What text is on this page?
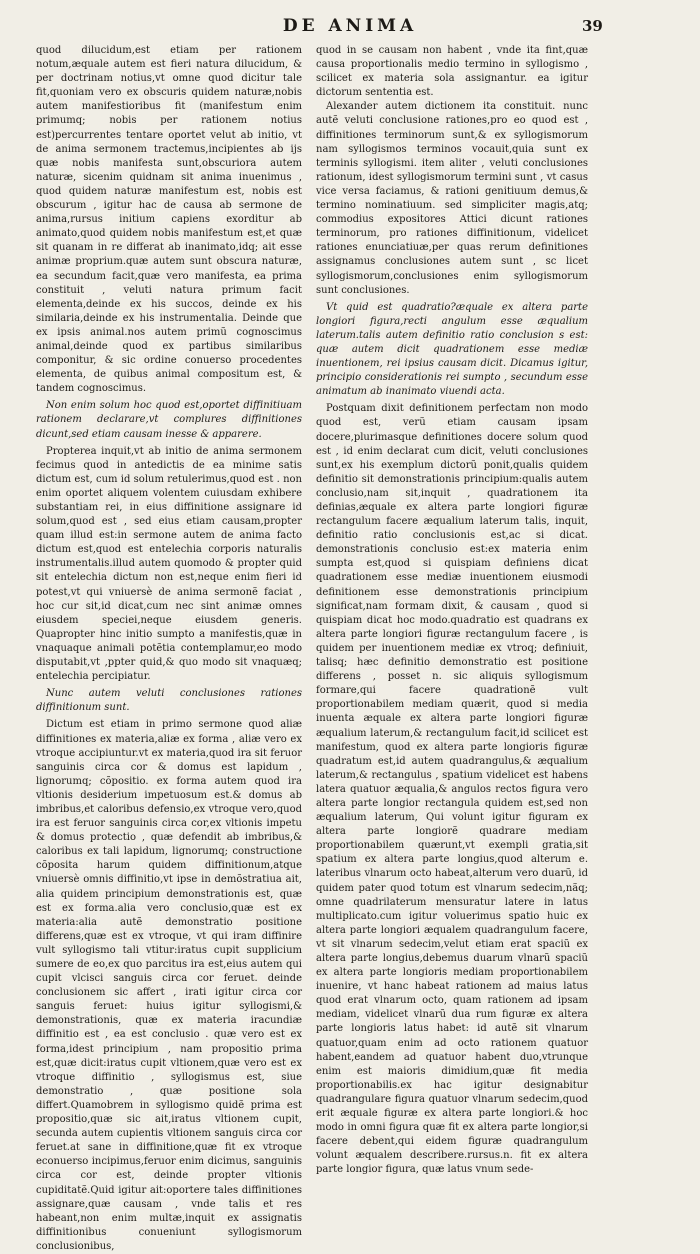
DE ANIMA	39

quod dilucidum,est etiam per rationem notum,æquale autem est fieri natura dilucidum, & per doctrinam notius,vt omne quod dicitur tale fit,quoniam vero ex obscuris quidem naturæ,nobis autem manifestioribus fit (manifestum enim primumq; nobis per rationem notius est)percurrentes tentare oportet velut ab initio, vt de anima sermonem tractemus,incipientes ab ijs quæ nobis manifesta sunt,obscuriora autem naturæ, sicenim quidnam sit anima inuenimus , quod quidem naturæ manifestum est, nobis est obscurum , igitur hac de causa ab sermone de anima,rursus initium capiens exorditur ab animato,quod quidem nobis manifestum est,et quæ sit quanam in re differat ab inanimato,idq; ait esse animæ proprium.quæ autem sunt obscura naturæ, ea secundum facit,quæ vero manifesta, ea prima constituit , veluti natura primum facit elementa,deinde ex his succos, deinde ex his similaria,deinde ex his instrumentalia. Deinde que ex ipsis animal.nos autem primũ cognoscimus animal,deinde quod ex partibus similaribus componitur, & sic ordine conuerso procedentes elementa, de quibus animal compositum est, & tandem cognoscimus.

Non enim solum hoc quod est,oportet diffinitiuam rationem declarare,vt complures diffinitiones dicunt,sed etiam causam inesse & apparere.

Propterea inquit,vt ab initio de anima sermonem fecimus quod in antedictis de ea minime satis dictum est, cum id solum retulerimus,quod est . non enim oportet aliquem volentem cuiusdam exhibere substantiam rei, in eius diffinitione assignare id solum,quod est , sed eius etiam causam,propter quam illud est:in sermone autem de anima facto dictum est,quod est entelechia corporis naturalis instrumentalis.illud autem quomodo & propter quid sit entelechia dictum non est,neque enim fieri id potest,vt qui vniuersè de anima sermonẽ faciat , hoc cur sit,id dicat,cum nec sint animæ omnes eiusdem speciei,neque eiusdem generis. Quapropter hinc initio sumpto a manifestis,quæ in vnaquaque animali potẽtia contemplamur,eo modo disputabit,vt ,ppter quid,& quo modo sit vnaquæq; entelechia percipiatur.

Nunc autem veluti conclusiones rationes diffinitionum sunt.

Dictum est etiam in primo sermone quod aliæ diffinitiones ex materia,aliæ ex forma , aliæ vero ex vtroque accipiuntur.vt ex materia,quod ira sit feruor sanguinis circa cor & domus est lapidum , lignorumq; cõpositio. ex forma autem quod ira vltionis desiderium impetuosum est.& domus ab imbribus,et caloribus defensio,ex vtroque vero,quod ira est feruor sanguinis circa cor,ex vltionis impetu & domus protectio , quæ defendit ab imbribus,& caloribus ex tali lapidum, lignorumq; constructione cõposita harum quidem diffinitionum,atque vniuersè omnis diffinitio,vt ipse in demõstratiua ait, alia quidem principium demonstrationis est, quæ est ex forma.alia vero conclusio,quæ est ex materia:alia autẽ demonstratio positione differens,quæ est ex vtroque, vt qui iram diffinire vult syllogismo tali vtitur:iratus cupit supplicium sumere de eo,ex quo parcitus ira est,eius autem qui cupit vlcisci sanguis circa cor feruet. deinde conclusionem sic affert , irati igitur circa cor sanguis feruet: huius igitur syllogismi,& demonstrationis, quæ ex materia iracundiæ diffinitio est , ea est conclusio . quæ vero est ex forma,idest principium , nam propositio prima est,quæ dicit:iratus cupit vltionem,quæ vero est ex vtroque diffinitio , syllogismus est, siue demonstratio , quæ positione sola differt.Quamobrem in syllogismo quidẽ prima est propositio,quæ sic ait,iratus vltionem cupit, secunda autem cupientis vltionem sanguis circa cor feruet.at sane in diffinitione,quæ fit ex vtroque econuerso incipimus,feruor enim dicimus, sanguinis circa cor est, deinde propter vltionis cupiditatẽ.Quid igitur ait:oportere tales diffinitiones assignare,quæ causam , vnde talis et res habeant,non enim multæ,inquit ex assignatis diffinitionibus conueniunt syllogismorum conclusionibus,

quod in se causam non habent , vnde ita fint,quæ causa proportionalis medio termino in syllogismo , scilicet ex materia sola assignantur. ea igitur dictorum sententia est.

Alexander autem dictionem ita constituit. nunc autẽ veluti conclusione rationes,pro eo quod est , diffinitiones terminorum sunt,& ex syllogismorum nam syllogismos terminos vocauit,quia sunt ex terminis syllogismi. item aliter , veluti conclusiones rationum, idest syllogismorum termini sunt , vt casus vice versa faciamus, & rationi genitiuum demus,& termino nominatiuum. sed simpliciter magis,atq; commodius expositores Attici dicunt rationes terminorum, pro rationes diffinitionum, videlicet rationes enunciatiuæ,per quas rerum definitiones assignamus conclusiones autem sunt , sc licet syllogismorum,conclusiones enim syllogismorum sunt conclusiones.

Vt quid est quadratio?æquale ex altera parte longiori figura,recti angulum esse æqualium laterum.talis autem definitio ratio conclusion s est: quæ autem dicit quadrationem esse mediæ inuentionem, rei ipsius causam dicit. Dicamus igitur, principio considerationis rei sumpto , secundum esse animatum ab inanimato viuendi acta.

Postquam dixit definitionem perfectam non modo quod est, verũ etiam causam ipsam docere,plurimasque definitiones docere solum quod est , id enim declarat cum dicit, veluti conclusiones sunt,ex his exemplum dictorũ ponit,qualis quidem definitio sit demonstrationis principium:qualis autem conclusio,nam sit,inquit , quadrationem ita definias,æquale ex altera parte longiori figuræ rectangulum facere æqualium laterum talis, inquit, definitio ratio conclusionis est,ac si dicat. demonstrationis conclusio est:ex materia enim sumpta est,quod si quispiam definiens dicat quadrationem esse mediæ inuentionem eiusmodi definitionem esse demonstrationis principium significat,nam formam dixit, & causam , quod si quispiam dicat hoc modo.quadratio est quadrans ex altera parte longiori figuræ rectangulum facere , is quidem per inuentionem mediæ ex vtroq; definiuit, talisq; hæc definitio demonstratio est positione differens , posset n. sic aliquis syllogismum formare,qui facere quadrationẽ vult proportionabilem mediam quærit, quod si media inuenta æquale ex altera parte longiori figuræ æqualium laterum,& rectangulum facit,id scilicet est manifestum, quod ex altera parte longioris figuræ quadratum est,id autem quadrangulus,& æqualium laterum,& rectangulus , spatium videlicet est habens latera quatuor æqualia,& angulos rectos figura vero altera parte longior rectangula quidem est,sed non æqualium laterum, Qui volunt igitur figuram ex altera parte longiorẽ quadrare mediam proportionabilem quærunt,vt exempli gratia,sit spatium ex altera parte longius,quod alterum e. lateribus vlnarum octo habeat,alterum vero duarũ, id quidem pater quod totum est vlnarum sedecim,nãq; omne quadrilaterum mensuratur latere in latus multiplicato.cum igitur voluerimus spatio huic ex altera parte longiori æqualem quadrangulum facere, vt sit vlnarum sedecim,velut etiam erat spaciũ ex altera parte longius,debemus duarum vlnarũ spaciũ ex altera parte longioris mediam proportionabilem inuenire, vt hanc habeat rationem ad maius latus quod erat vlnarum octo, quam rationem ad ipsam mediam, videlicet vlnarũ dua rum figuræ ex altera parte longioris latus habet: id autẽ sit vlnarum quatuor,quam enim ad octo rationem quatuor habent,eandem ad quatuor habent duo,vtrunque enim est maioris dimidium,quæ fit media proportionabilis.ex hac igitur designabitur quadrangulare figura quatuor vlnarum sedecim,quod erit æquale figuræ ex altera parte longiori.& hoc modo in omni figura quæ fit ex altera parte longior,si facere debent,qui eidem figuræ quadrangulum volunt æqualem describere.rursus.n. fit ex altera parte longior figura, quæ latus vnum sede-
